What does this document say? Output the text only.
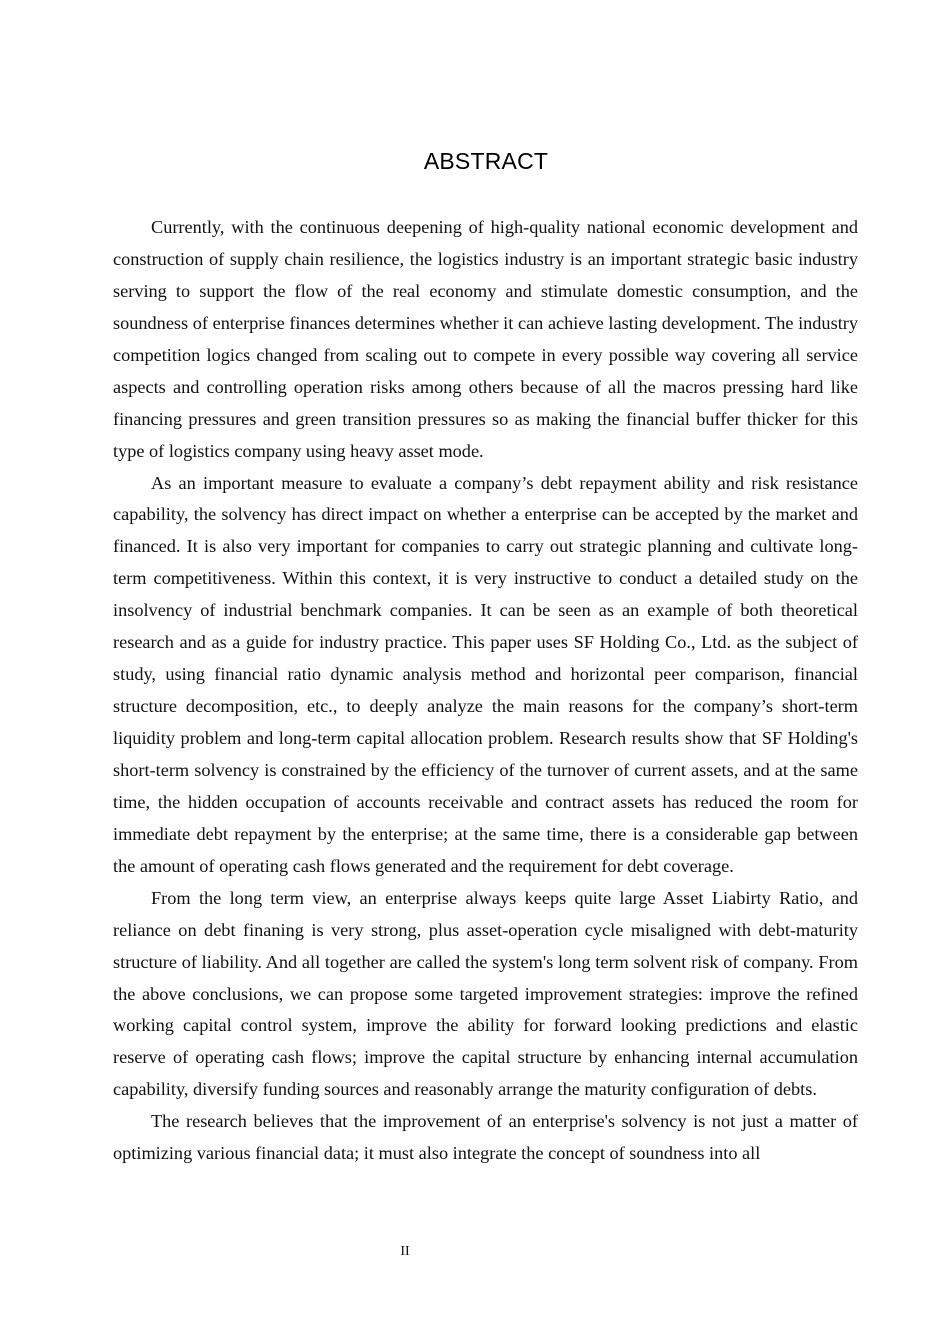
ABSTRACT

Currently, with the continuous deepening of high-quality national economic development and construction of supply chain resilience, the logistics industry is an important strategic basic industry serving to support the flow of the real economy and stimulate domestic consumption, and the soundness of enterprise finances determines whether it can achieve lasting development. The industry competition logics changed from scaling out to compete in every possible way covering all service aspects and controlling operation risks among others because of all the macros pressing hard like financing pressures and green transition pressures so as making the financial buffer thicker for this type of logistics company using heavy asset mode.

As an important measure to evaluate a company’s debt repayment ability and risk resistance capability, the solvency has direct impact on whether a enterprise can be accepted by the market and financed. It is also very important for companies to carry out strategic planning and cultivate long-term competitiveness. Within this context, it is very instructive to conduct a detailed study on the insolvency of industrial benchmark companies. It can be seen as an example of both theoretical research and as a guide for industry practice. This paper uses SF Holding Co., Ltd. as the subject of study, using financial ratio dynamic analysis method and horizontal peer comparison, financial structure decomposition, etc., to deeply analyze the main reasons for the company’s short-term liquidity problem and long-term capital allocation problem. Research results show that SF Holding's short-term solvency is constrained by the efficiency of the turnover of current assets, and at the same time, the hidden occupation of accounts receivable and contract assets has reduced the room for immediate debt repayment by the enterprise; at the same time, there is a considerable gap between the amount of operating cash flows generated and the requirement for debt coverage.

From the long term view, an enterprise always keeps quite large Asset Liabirty Ratio, and reliance on debt finaning is very strong, plus asset-operation cycle misaligned with debt-maturity structure of liability. And all together are called the system's long term solvent risk of company. From the above conclusions, we can propose some targeted improvement strategies: improve the refined working capital control system, improve the ability for forward looking predictions and elastic reserve of operating cash flows; improve the capital structure by enhancing internal accumulation capability, diversify funding sources and reasonably arrange the maturity configuration of debts.

The research believes that the improvement of an enterprise's solvency is not just a matter of optimizing various financial data; it must also integrate the concept of soundness into all

II
